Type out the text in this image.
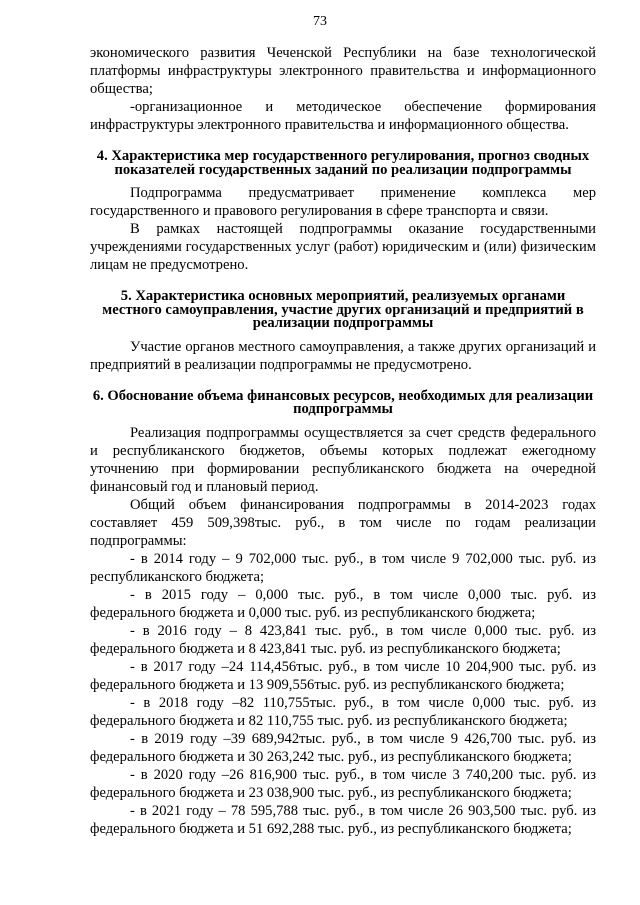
73

экономического развития Чеченской Республики на базе технологической платформы инфраструктуры электронного правительства и информационного общества;

-организационное и методическое обеспечение формирования инфраструктуры электронного правительства и информационного общества.

4. Характеристика мер государственного регулирования, прогноз сводных показателей государственных заданий по реализации подпрограммы

Подпрограмма предусматривает применение комплекса мер государственного и правового регулирования в сфере транспорта и связи.

В рамках настоящей подпрограммы оказание государственными учреждениями государственных услуг (работ) юридическим и (или) физическим лицам не предусмотрено.

5. Характеристика основных мероприятий, реализуемых органами местного самоуправления, участие других организаций и предприятий в реализации подпрограммы

Участие органов местного самоуправления, а также других организаций и предприятий в реализации подпрограммы не предусмотрено.

6. Обоснование объема финансовых ресурсов, необходимых для реализации подпрограммы

Реализация подпрограммы осуществляется за счет средств федерального и республиканского бюджетов, объемы которых подлежат ежегодному уточнению при формировании республиканского бюджета на очередной финансовый год и плановый период.

Общий объем финансирования подпрограммы в 2014-2023 годах составляет 459 509,398тыс. руб., в том числе по годам реализации подпрограммы:

- в 2014 году – 9 702,000 тыс. руб., в том числе 9 702,000 тыс. руб. из республиканского бюджета;

- в 2015 году – 0,000 тыс. руб., в том числе 0,000 тыс. руб. из федерального бюджета и 0,000 тыс. руб. из республиканского бюджета;

- в 2016 году – 8 423,841 тыс. руб., в том числе 0,000 тыс. руб. из федерального бюджета и 8 423,841 тыс. руб. из республиканского бюджета;

- в 2017 году –24 114,456тыс. руб., в том числе 10 204,900 тыс. руб. из федерального бюджета и 13 909,556тыс. руб. из республиканского бюджета;

- в 2018 году –82 110,755тыс. руб., в том числе 0,000 тыс. руб. из федерального бюджета и 82 110,755 тыс. руб. из республиканского бюджета;

- в 2019 году –39 689,942тыс. руб., в том числе 9 426,700 тыс. руб. из федерального бюджета и 30 263,242 тыс. руб., из республиканского бюджета;

- в 2020 году –26 816,900 тыс. руб., в том числе 3 740,200 тыс. руб. из федерального бюджета и 23 038,900 тыс. руб., из республиканского бюджета;

- в 2021 году – 78 595,788 тыс. руб., в том числе 26 903,500 тыс. руб. из федерального бюджета и 51 692,288 тыс. руб., из республиканского бюджета;
